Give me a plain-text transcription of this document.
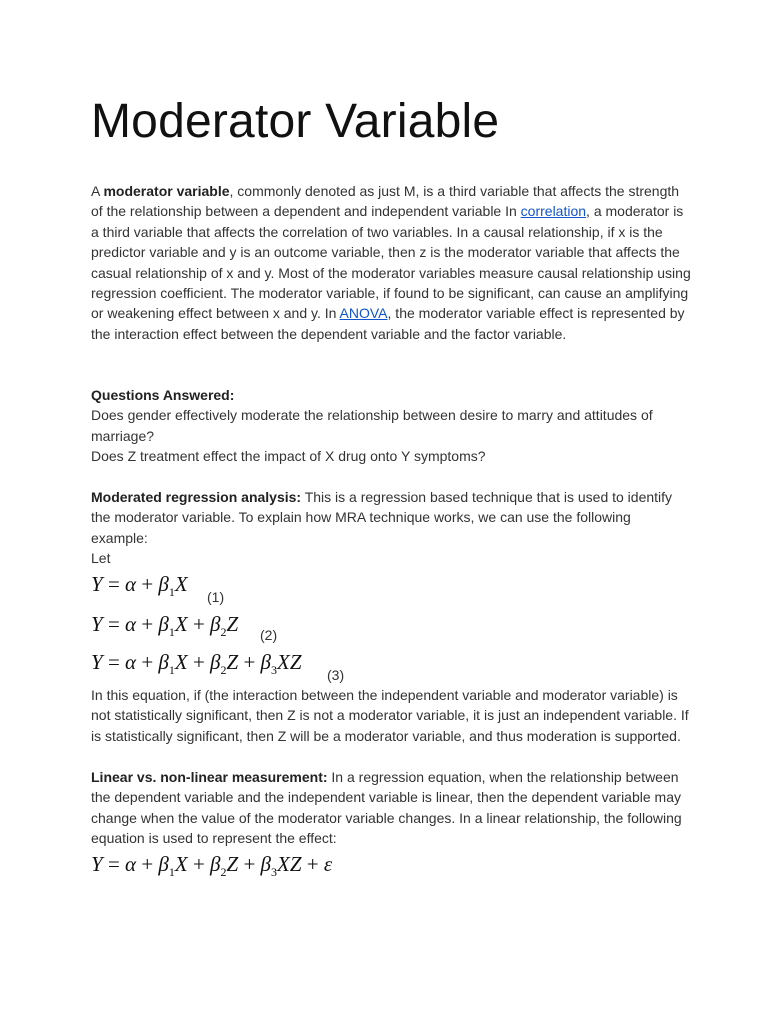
Moderator Variable

A moderator variable, commonly denoted as just M, is a third variable that affects the strength of the relationship between a dependent and independent variable In correlation, a moderator is a third variable that affects the correlation of two variables. In a causal relationship, if x is the predictor variable and y is an outcome variable, then z is the moderator variable that affects the casual relationship of x and y. Most of the moderator variables measure causal relationship using regression coefficient. The moderator variable, if found to be significant, can cause an amplifying or weakening effect between x and y. In ANOVA, the moderator variable effect is represented by the interaction effect between the dependent variable and the factor variable.

Questions Answered:
Does gender effectively moderate the relationship between desire to marry and attitudes of marriage?
Does Z treatment effect the impact of X drug onto Y symptoms?

Moderated regression analysis: This is a regression based technique that is used to identify the moderator variable. To explain how MRA technique works, we can use the following example:
Let

$Y = \alpha + \beta_1X$
(1)
$Y = \alpha + \beta_1X + \beta_2Z$ (2)
$Y = \alpha + \beta_1X + \beta_2Z + \beta_3XZ$
(3)

In this equation, if (the interaction between the independent variable and moderator variable) is not statistically significant, then Z is not a moderator variable, it is just an independent variable. If is statistically significant, then Z will be a moderator variable, and thus moderation is supported.

Linear vs. non-linear measurement: In a regression equation, when the relationship between the dependent variable and the independent variable is linear, then the dependent variable may change when the value of the moderator variable changes. In a linear relationship, the following equation is used to represent the effect:

$Y = \alpha + \beta_1X + \beta_2Z + \beta_3XZ + \varepsilon$
